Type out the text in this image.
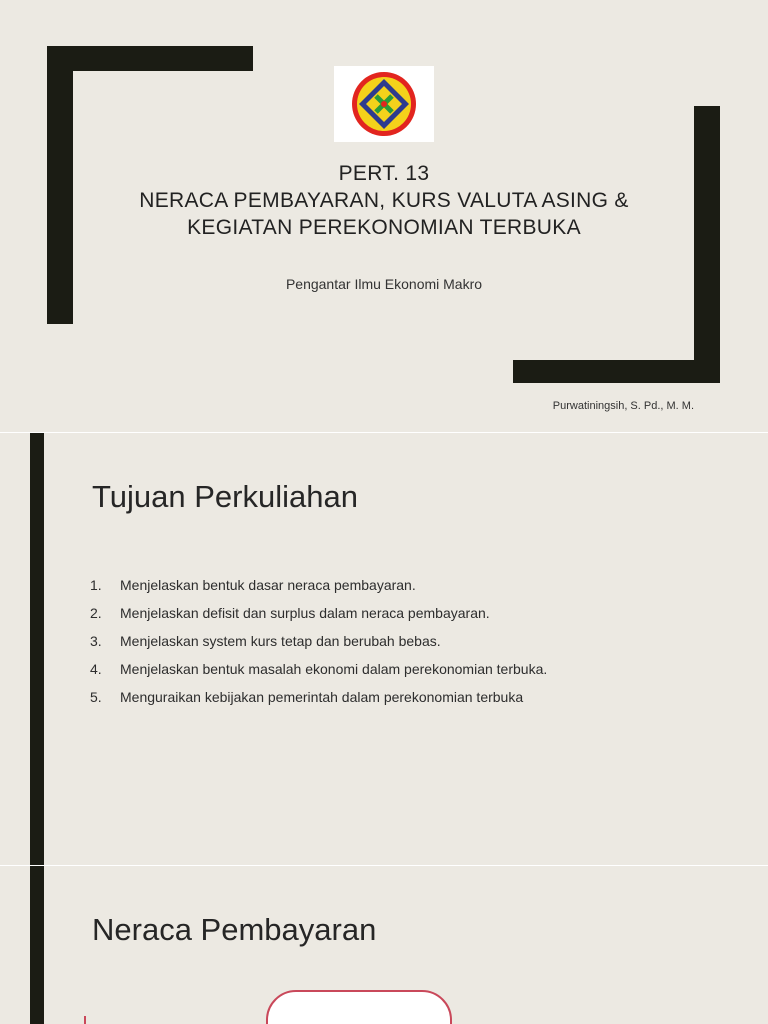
PERT. 13
NERACA PEMBAYARAN, KURS VALUTA ASING &
KEGIATAN PEREKONOMIAN TERBUKA
Pengantar Ilmu Ekonomi Makro
Purwatiningsih, S. Pd., M. M.
Tujuan Perkuliahan
1.	Menjelaskan bentuk dasar neraca pembayaran.
2.	Menjelaskan defisit dan surplus dalam neraca pembayaran.
3.	Menjelaskan system kurs tetap dan berubah bebas.
4.	Menjelaskan bentuk masalah ekonomi dalam perekonomian terbuka.
5.	Menguraikan kebijakan pemerintah dalam perekonomian terbuka
Neraca Pembayaran
